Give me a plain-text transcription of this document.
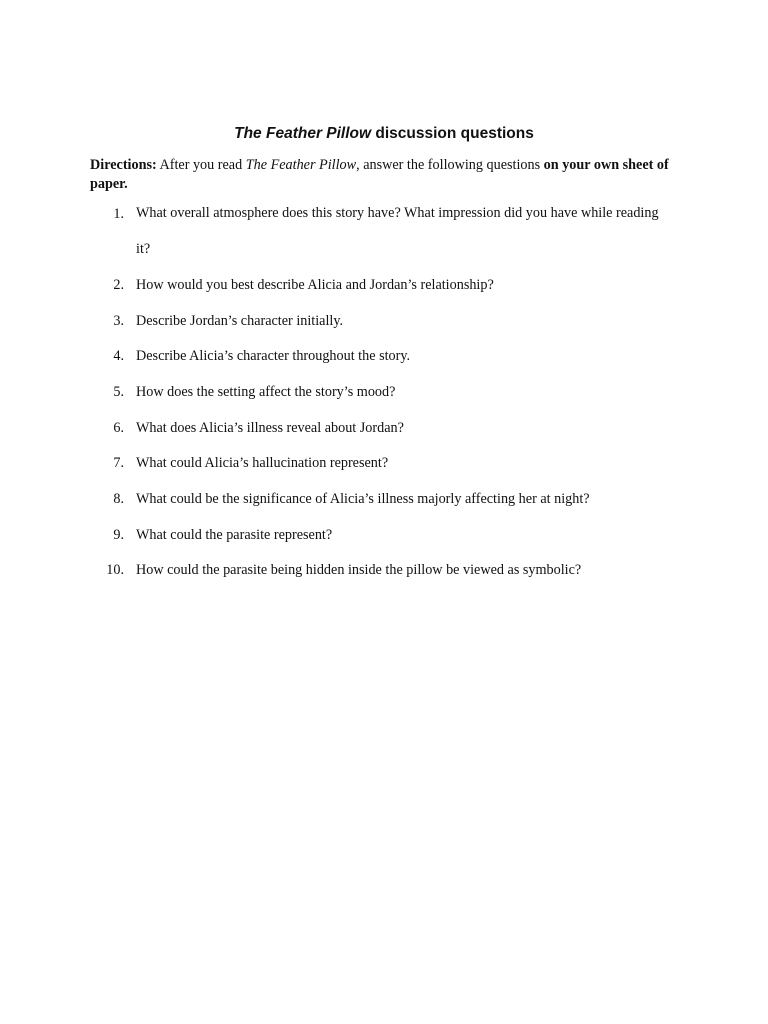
The Feather Pillow discussion questions
Directions: After you read The Feather Pillow, answer the following questions on your own sheet of paper.
1. What overall atmosphere does this story have? What impression did you have while reading it?
2. How would you best describe Alicia and Jordan’s relationship?
3. Describe Jordan’s character initially.
4. Describe Alicia’s character throughout the story.
5. How does the setting affect the story’s mood?
6. What does Alicia’s illness reveal about Jordan?
7. What could Alicia’s hallucination represent?
8. What could be the significance of Alicia’s illness majorly affecting her at night?
9. What could the parasite represent?
10. How could the parasite being hidden inside the pillow be viewed as symbolic?
